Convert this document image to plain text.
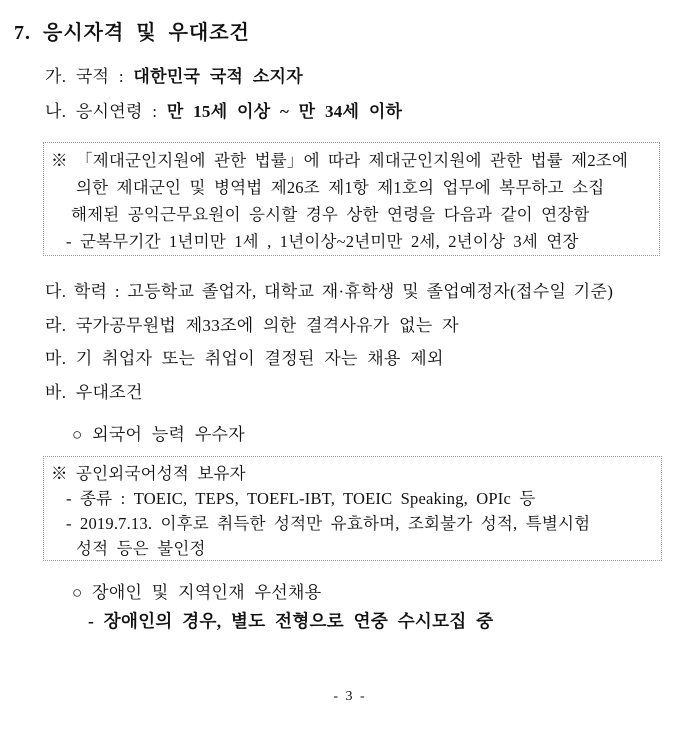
7. 응시자격 및 우대조건
가. 국적 : 대한민국 국적 소지자
나. 응시연령 : 만 15세 이상 ~ 만 34세 이하
※ 「제대군인지원에 관한 법률」에 따라 제대군인지원에 관한 법률 제2조에
의한 제대군인 및 병역법 제26조 제1항 제1호의 업무에 복무하고 소집
해제된 공익근무요원이 응시할 경우 상한 연령을 다음과 같이 연장함
- 군복무기간 1년미만 1세 , 1년이상~2년미만 2세, 2년이상 3세 연장
다. 학력 : 고등학교 졸업자, 대학교 재·휴학생 및 졸업예정자(접수일 기준)
라. 국가공무원법 제33조에 의한 결격사유가 없는 자
마. 기 취업자 또는 취업이 결정된 자는 채용 제외
바. 우대조건
○ 외국어 능력 우수자
※ 공인외국어성적 보유자
- 종류 : TOEIC, TEPS, TOEFL-IBT, TOEIC Speaking, OPIc 등
- 2019.7.13. 이후로 취득한 성적만 유효하며, 조회불가 성적, 특별시험
성적 등은 불인정
○ 장애인 및 지역인재 우선채용
- 장애인의 경우, 별도 전형으로 연중 수시모집 중
- 3 -
